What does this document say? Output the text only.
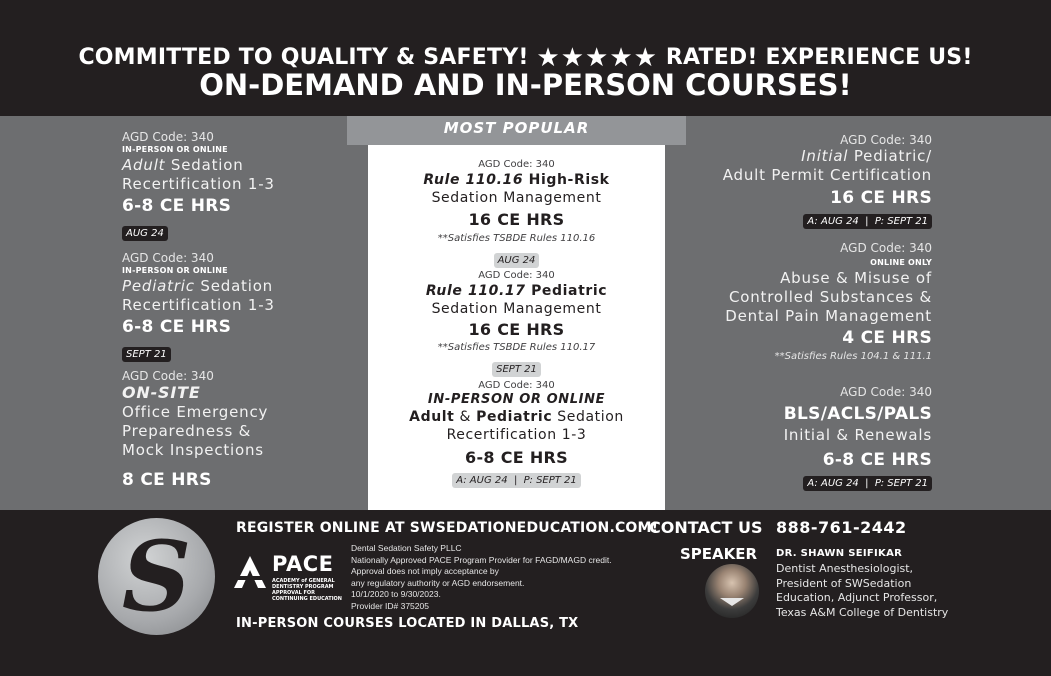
COMMITTED TO QUALITY & SAFETY! ★★★★★ RATED! EXPERIENCE US!
ON-DEMAND AND IN-PERSON COURSES!
AGD Code: 340
IN-PERSON OR ONLINE
Adult Sedation
Recertification 1-3
6-8 CE HRS
AUG 24
AGD Code: 340
IN-PERSON OR ONLINE
Pediatric Sedation
Recertification 1-3
6-8 CE HRS
SEPT 21
AGD Code: 340
ON-SITE
Office Emergency
Preparedness &
Mock Inspections
8 CE HRS
MOST POPULAR
AGD Code: 340
Rule 110.16 High-Risk
Sedation Management
16 CE HRS
**Satisfies TSBDE Rules 110.16
AUG 24
AGD Code: 340
Rule 110.17 Pediatric
Sedation Management
16 CE HRS
**Satisfies TSBDE Rules 110.17
SEPT 21
AGD Code: 340
IN-PERSON OR ONLINE
Adult & Pediatric Sedation
Recertification 1-3
6-8 CE HRS
A: AUG 24  |  P: SEPT 21
AGD Code: 340
Initial Pediatric/
Adult Permit Certification
16 CE HRS
A: AUG 24  |  P: SEPT 21
AGD Code: 340
ONLINE ONLY
Abuse & Misuse of
Controlled Substances &
Dental Pain Management
4 CE HRS
**Satisfies Rules 104.1 & 111.1
AGD Code: 340
BLS/ACLS/PALS
Initial & Renewals
6-8 CE HRS
A: AUG 24  |  P: SEPT 21
S	REGISTER ONLINE AT SWSEDATIONEDUCATION.COM!
PACE
ACADEMY of GENERAL DENTISTRY PROGRAM APPROVAL FOR CONTINUING EDUCATION
Dental Sedation Safety PLLC
Nationally Approved PACE Program Provider for FAGD/MAGD credit.
Approval does not imply acceptance by
any regulatory authority or AGD endorsement.
10/1/2020 to 9/30/2023.
Provider ID# 375205
IN-PERSON COURSES LOCATED IN DALLAS, TX
CONTACT US 888-761-2442
SPEAKER DR. SHAWN SEIFIKAR
Dentist Anesthesiologist,
President of SWSedation
Education, Adjunct Professor,
Texas A&M College of Dentistry
